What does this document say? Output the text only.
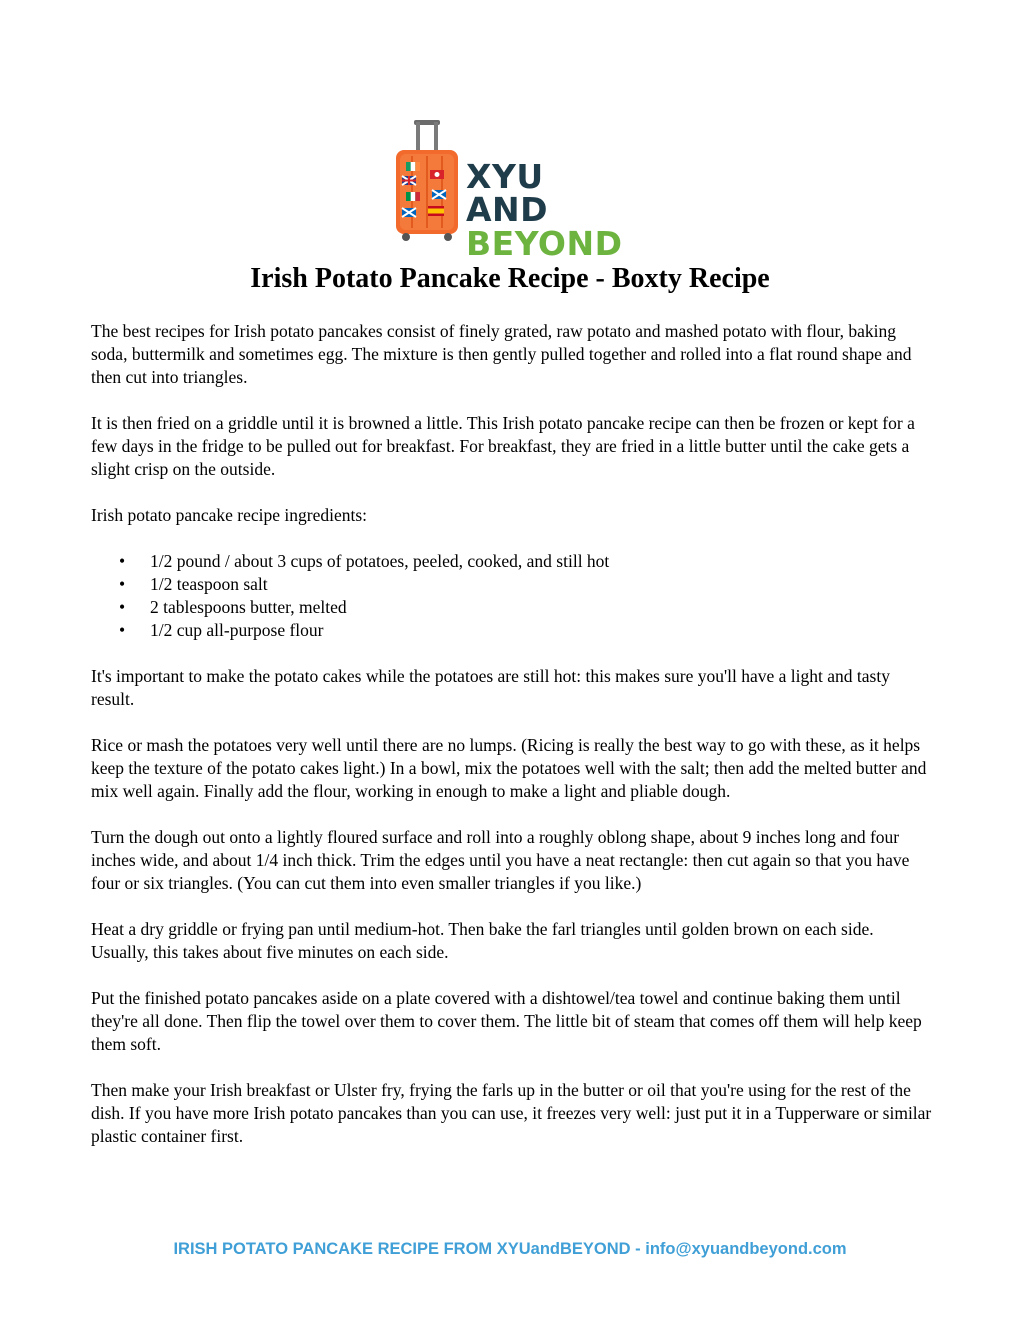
XYU AND
BEYOND
Irish Potato Pancake Recipe - Boxty Recipe

The best recipes for Irish potato pancakes consist of finely grated, raw potato and mashed potato with flour, baking soda, buttermilk and sometimes egg. The mixture is then gently pulled together and rolled into a flat round shape and then cut into triangles.

It is then fried on a griddle until it is browned a little. This Irish potato pancake recipe can then be frozen or kept for a few days in the fridge to be pulled out for breakfast. For breakfast, they are fried in a little butter until the cake gets a slight crisp on the outside.

Irish potato pancake recipe ingredients:

• 1/2 pound / about 3 cups of potatoes, peeled, cooked, and still hot
• 1/2 teaspoon salt
• 2 tablespoons butter, melted
• 1/2 cup all-purpose flour

It's important to make the potato cakes while the potatoes are still hot: this makes sure you'll have a light and tasty result.

Rice or mash the potatoes very well until there are no lumps. (Ricing is really the best way to go with these, as it helps keep the texture of the potato cakes light.) In a bowl, mix the potatoes well with the salt; then add the melted butter and mix well again. Finally add the flour, working in enough to make a light and pliable dough.

Turn the dough out onto a lightly floured surface and roll into a roughly oblong shape, about 9 inches long and four inches wide, and about 1/4 inch thick. Trim the edges until you have a neat rectangle: then cut again so that you have four or six triangles. (You can cut them into even smaller triangles if you like.)

Heat a dry griddle or frying pan until medium-hot. Then bake the farl triangles until golden brown on each side. Usually, this takes about five minutes on each side.

Put the finished potato pancakes aside on a plate covered with a dishtowel/tea towel and continue baking them until they're all done. Then flip the towel over them to cover them. The little bit of steam that comes off them will help keep them soft.

Then make your Irish breakfast or Ulster fry, frying the farls up in the butter or oil that you're using for the rest of the dish. If you have more Irish potato pancakes than you can use, it freezes very well: just put it in a Tupperware or similar plastic container first.

IRISH POTATO PANCAKE RECIPE FROM XYUandBEYOND - info@xyuandbeyond.com
